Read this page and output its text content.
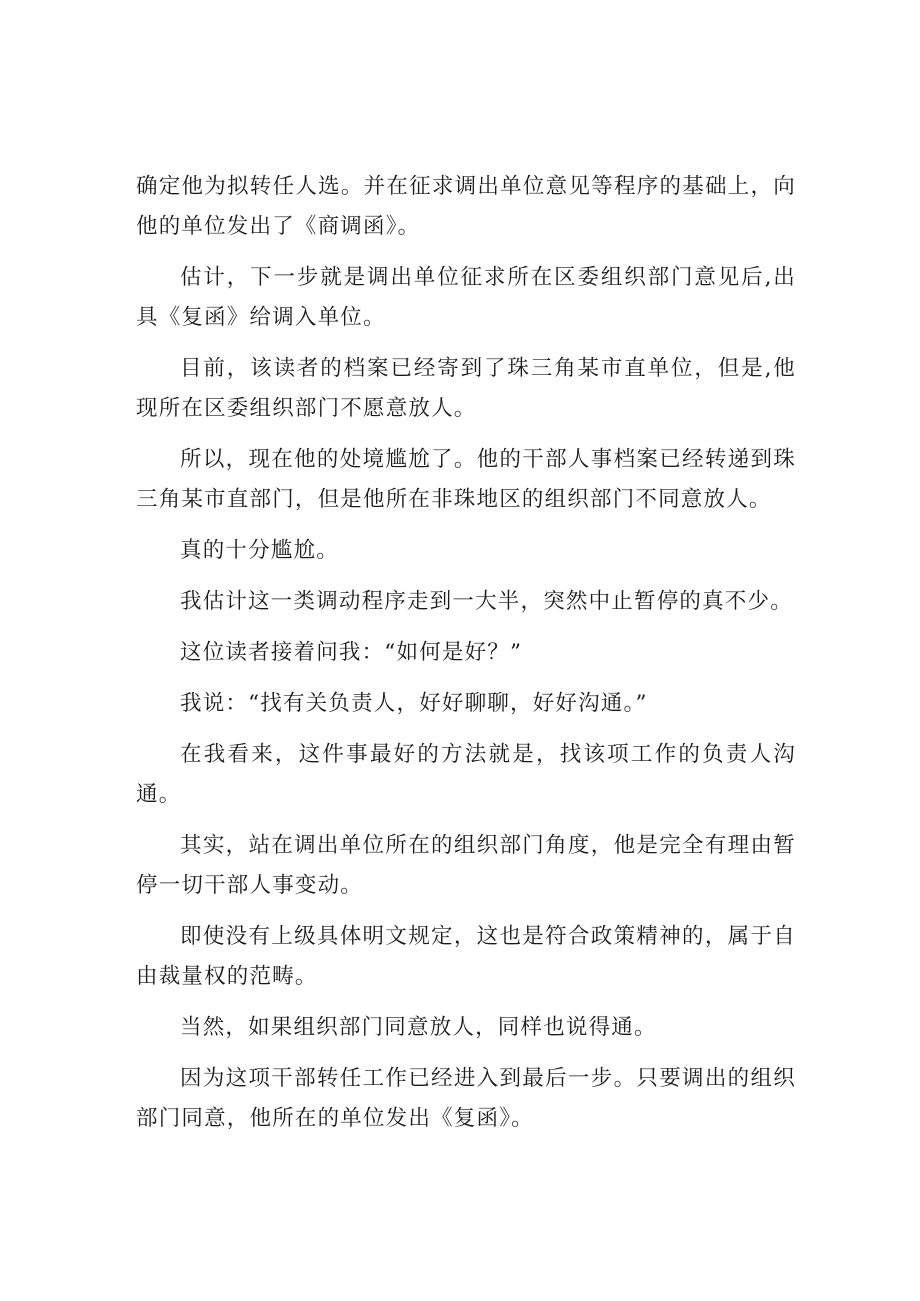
确定他为拟转任人选。并在征求调出单位意见等程序的基础上，向他的单位发出了《商调函》。

估计，下一步就是调出单位征求所在区委组织部门意见后,出具《复函》给调入单位。

目前，该读者的档案已经寄到了珠三角某市直单位，但是,他现所在区委组织部门不愿意放人。

所以，现在他的处境尴尬了。他的干部人事档案已经转递到珠三角某市直部门，但是他所在非珠地区的组织部门不同意放人。

真的十分尴尬。

我估计这一类调动程序走到一大半，突然中止暂停的真不少。

这位读者接着问我：“如何是好？”

我说：“找有关负责人，好好聊聊，好好沟通。”

在我看来，这件事最好的方法就是，找该项工作的负责人沟通。

其实，站在调出单位所在的组织部门角度，他是完全有理由暂停一切干部人事变动。

即使没有上级具体明文规定，这也是符合政策精神的，属于自由裁量权的范畴。

当然，如果组织部门同意放人，同样也说得通。

因为这项干部转任工作已经进入到最后一步。只要调出的组织部门同意，他所在的单位发出《复函》。
